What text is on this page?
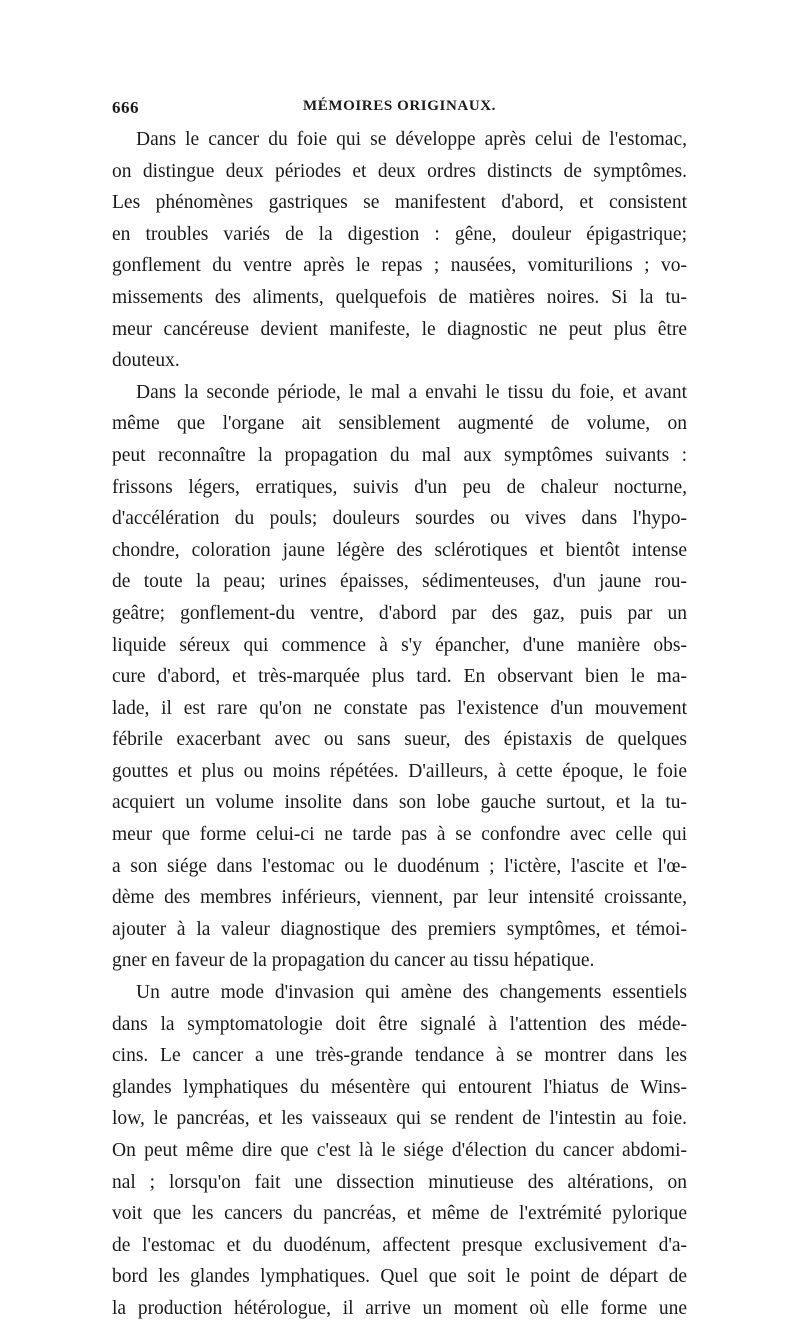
666	MÉMOIRES ORIGINAUX.
Dans le cancer du foie qui se développe après celui de l'estomac,
on distingue deux périodes et deux ordres distincts de symptômes.
Les phénomènes gastriques se manifestent d'abord, et consistent
en troubles variés de la digestion : gêne, douleur épigastrique;
gonflement du ventre après le repas ; nausées, vomiturilions ; vo-
missements des aliments, quelquefois de matières noires. Si la tu-
meur cancéreuse devient manifeste, le diagnostic ne peut plus être
douteux.
Dans la seconde période, le mal a envahi le tissu du foie, et avant
même que l'organe ait sensiblement augmenté de volume, on
peut reconnaître la propagation du mal aux symptômes suivants :
frissons légers, erratiques, suivis d'un peu de chaleur nocturne,
d'accélération du pouls; douleurs sourdes ou vives dans l'hypo-
chondre, coloration jaune légère des sclérotiques et bientôt intense
de toute la peau; urines épaisses, sédimenteuses, d'un jaune rou-
geâtre; gonflement-du ventre, d'abord par des gaz, puis par un
liquide séreux qui commence à s'y épancher, d'une manière obs-
cure d'abord, et très-marquée plus tard. En observant bien le ma-
lade, il est rare qu'on ne constate pas l'existence d'un mouvement
fébrile exacerbant avec ou sans sueur, des épistaxis de quelques
gouttes et plus ou moins répétées. D'ailleurs, à cette époque, le foie
acquiert un volume insolite dans son lobe gauche surtout, et la tu-
meur que forme celui-ci ne tarde pas à se confondre avec celle qui
a son siége dans l'estomac ou le duodénum ; l'ictère, l'ascite et l'œ-
dème des membres inférieurs, viennent, par leur intensité croissante,
ajouter à la valeur diagnostique des premiers symptômes, et témoi-
gner en faveur de la propagation du cancer au tissu hépatique.
Un autre mode d'invasion qui amène des changements essentiels
dans la symptomatologie doit être signalé à l'attention des méde-
cins. Le cancer a une très-grande tendance à se montrer dans les
glandes lymphatiques du mésentère qui entourent l'hiatus de Wins-
low, le pancréas, et les vaisseaux qui se rendent de l'intestin au foie.
On peut même dire que c'est là le siége d'élection du cancer abdomi-
nal ; lorsqu'on fait une dissection minutieuse des altérations, on
voit que les cancers du pancréas, et même de l'extrémité pylorique
de l'estomac et du duodénum, affectent presque exclusivement d'a-
bord les glandes lymphatiques. Quel que soit le point de départ de
la production hétérologue, il arrive un moment où elle forme une
